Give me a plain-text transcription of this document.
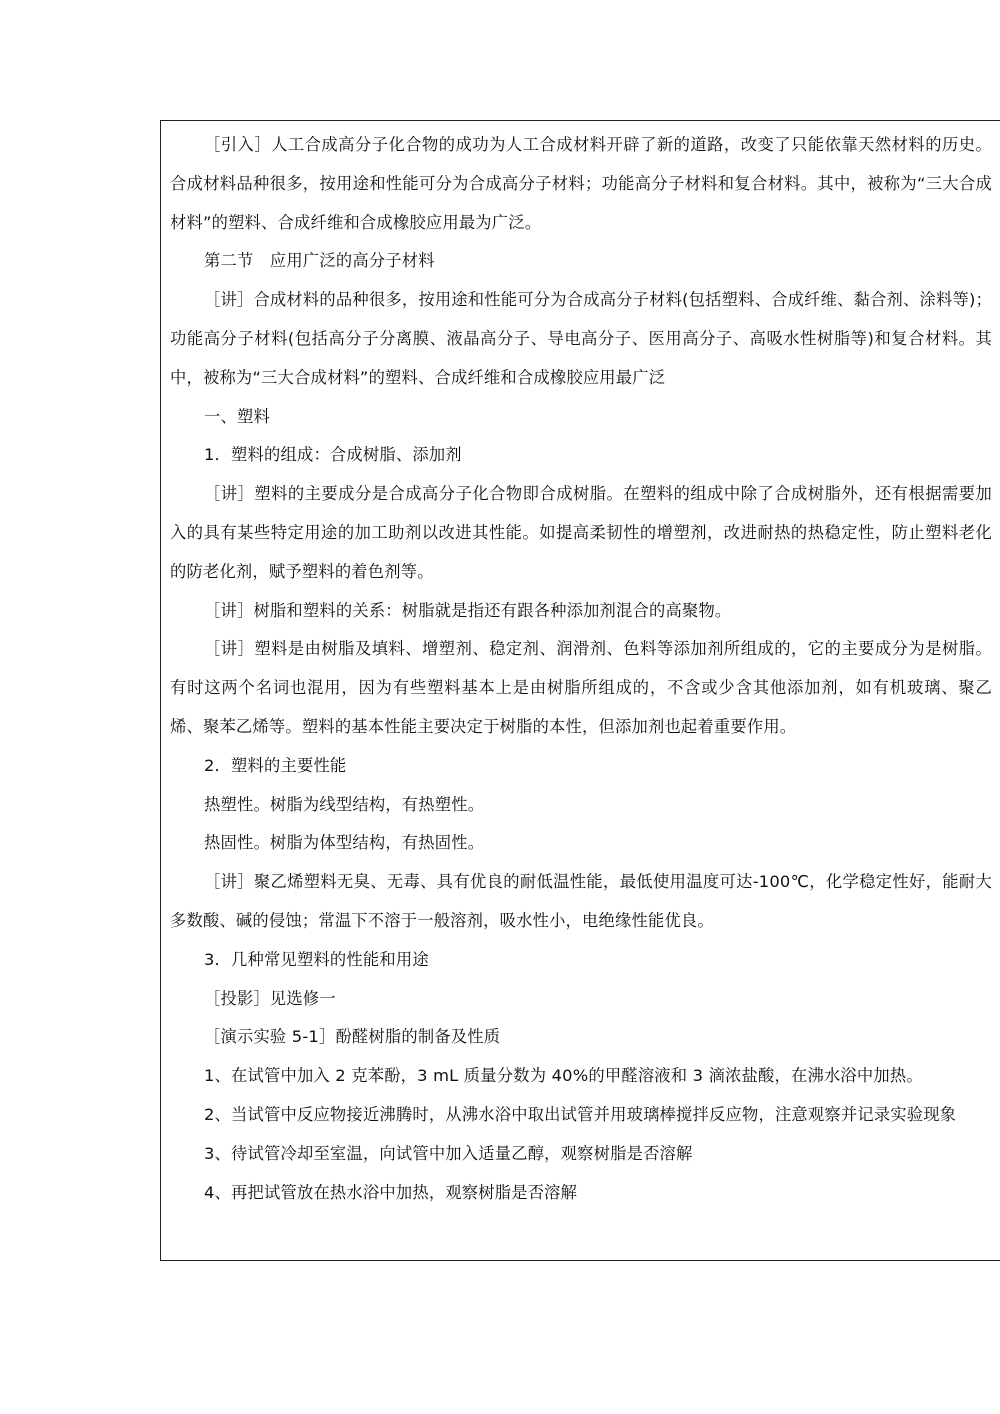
［引入］人工合成高分子化合物的成功为人工合成材料开辟了新的道路，改变了只能依靠天然材料的历史。合成材料品种很多，按用途和性能可分为合成高分子材料；功能高分子材料和复合材料。其中，被称为“三大合成材料”的塑料、合成纤维和合成橡胶应用最为广泛。

第二节　应用广泛的高分子材料

［讲］合成材料的品种很多，按用途和性能可分为合成高分子材料(包括塑料、合成纤维、黏合剂、涂料等)；功能高分子材料(包括高分子分离膜、液晶高分子、导电高分子、医用高分子、高吸水性树脂等)和复合材料。其中，被称为“三大合成材料”的塑料、合成纤维和合成橡胶应用最广泛

一、塑料

1．塑料的组成：合成树脂、添加剂

［讲］塑料的主要成分是合成高分子化合物即合成树脂。在塑料的组成中除了合成树脂外，还有根据需要加入的具有某些特定用途的加工助剂以改进其性能。如提高柔韧性的增塑剂，改进耐热的热稳定性，防止塑料老化的防老化剂，赋予塑料的着色剂等。

［讲］树脂和塑料的关系：树脂就是指还有跟各种添加剂混合的高聚物。

［讲］塑料是由树脂及填料、增塑剂、稳定剂、润滑剂、色料等添加剂所组成的，它的主要成分为是树脂。有时这两个名词也混用，因为有些塑料基本上是由树脂所组成的，不含或少含其他添加剂，如有机玻璃、聚乙烯、聚苯乙烯等。塑料的基本性能主要决定于树脂的本性，但添加剂也起着重要作用。

2．塑料的主要性能

热塑性。树脂为线型结构，有热塑性。

热固性。树脂为体型结构，有热固性。

［讲］聚乙烯塑料无臭、无毒、具有优良的耐低温性能，最低使用温度可达-100℃，化学稳定性好，能耐大多数酸、碱的侵蚀；常温下不溶于一般溶剂，吸水性小，电绝缘性能优良。

3．几种常见塑料的性能和用途

［投影］见选修一

［演示实验 5-1］酚醛树脂的制备及性质

1、在试管中加入 2 克苯酚，3 mL 质量分数为 40%的甲醛溶液和 3 滴浓盐酸，在沸水浴中加热。

2、当试管中反应物接近沸腾时，从沸水浴中取出试管并用玻璃棒搅拌反应物，注意观察并记录实验现象

3、待试管冷却至室温，向试管中加入适量乙醇，观察树脂是否溶解

4、再把试管放在热水浴中加热，观察树脂是否溶解
